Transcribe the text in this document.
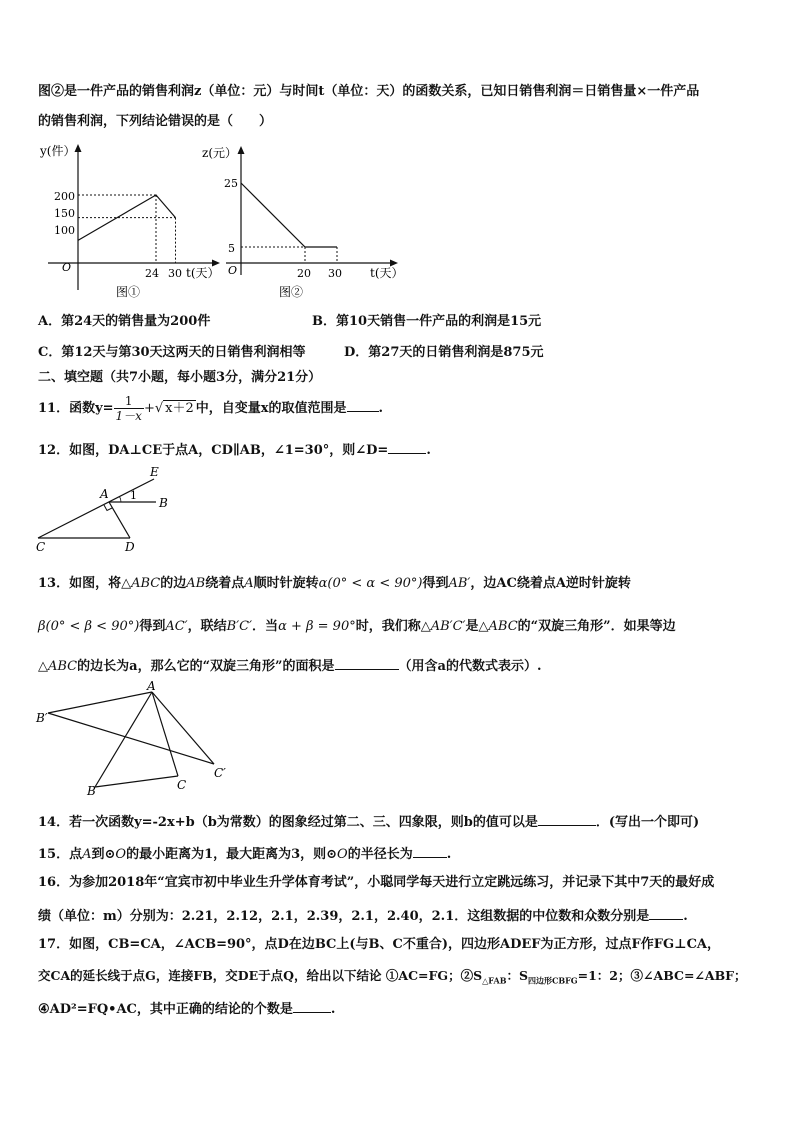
图②是一件产品的销售利润z（单位：元）与时间t（单位：天）的函数关系，已知日销售利润＝日销售量×一件产品
的销售利润，下列结论错误的是（　　）
y(件）
t(天）
O
图①
200
150
100
24 30
z(元）
t(天）
O
图②
25
5
20 30
A．第24天的销售量为200件	B．第10天销售一件产品的利润是15元
C．第12天与第30天这两天的日销售利润相等	D．第27天的日销售利润是875元
二、填空题（共7小题，每小题3分，满分21分）
11．函数$y= \frac{1}{1-x}$ +√ x＋2 中，自变量x的取值范围是 .
12．如图，DA⊥CE于点A，CD∥AB，∠1=30°，则∠D=	.
E
A 1
B
C	D
13．如图，将△ABC的边AB绕着点A顺时针旋转α(0° < α < 90°)得到AB′，边AC绕着点A逆时针旋转
β(0° < β < 90°)得到AC′，联结B′C′．当α + β = 90°时，我们称△AB′C′是△ABC的“双旋三角形”．如果等边
△ABC的边长为a，那么它的“双旋三角形”的面积是	（用含a的代数式表示）.
A
B′
B	C
C′
14．若一次函数y=-2x+b（b为常数）的图象经过第二、三、四象限，则b的值可以是	．(写出一个即可)
15．点A到⊙O的最小距离为1，最大距离为3，则⊙O的半径长为	.
16．为参加2018年“宜宾市初中毕业生升学体育考试”，小聪同学每天进行立定跳远练习，并记录下其中7天的最好成
绩（单位：m）分别为：2.21，2.12，2.1，2.39，2.1，2.40，2.1．这组数据的中位数和众数分别是	.
17．如图，CB=CA，∠ACB=90°，点D在边BC上(与B、C不重合)，四边形ADEF为正方形，过点F作FG⊥CA，
交CA的延长线于点G，连接FB，交DE于点Q，给出以下结论 ①AC=FG；$②S_{\triangle FAB}$：$S_{四边形CBFG}=1$：2；③∠ABC=∠ABF；
④AD²=FQ•AC，其中正确的结论的个数是	.
